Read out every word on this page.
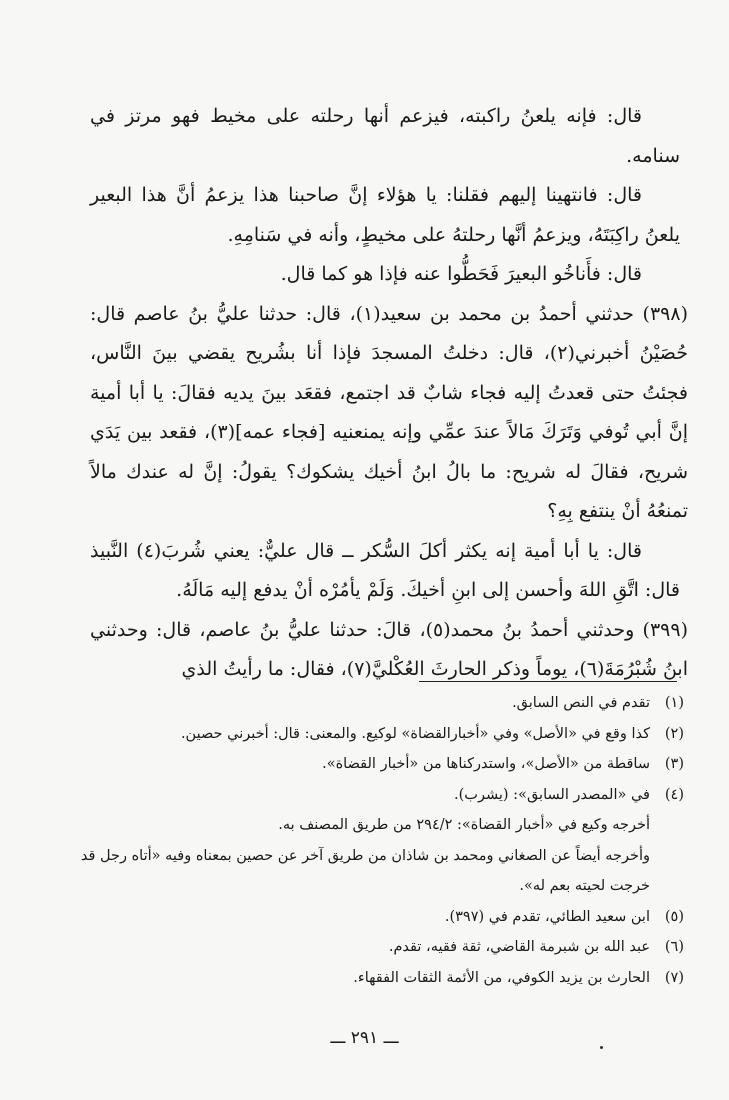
قال: فإنه يلعنُ راكبته، فيزعم أنها رحلته على مخيط فهو مرتز في سنامه.

قال: فانتهينا إليهم فقلنا: يا هؤلاء إنَّ صاحبنا هذا يزعمُ أنَّ هذا البعير يلعنُ راكِبَتَهُ، ويزعمُ أنَّها رحلتهُ على مخيطٍ، وأنه في سَنامِهِ.

قال: فأَناخُو البعيرَ فَحَطُّوا عنه فإذا هو كما قال.

(٣٩٨) حدثني أحمدُ بن محمد بن سعيد(١)، قال: حدثنا عليُّ بنُ عاصم قال: حُصَيْنُ أخبرني(٢)، قال: دخلتُ المسجدَ فإذا أنا بشُريح يقضي بينَ النَّاس، فجئتُ حتى قعدتُ إليه فجاء شابٌ قد اجتمع، فقعَد بينَ يديه فقالَ: يا أبا أمية إنَّ أبي تُوفي وَتَرَكَ مَالاً عندَ عمِّي وإنه يمنعنيه [فجاء عمه](٣)، فقعد بين يَدَي شريح، فقالَ له شريح: ما بالُ ابنُ أخيك يشكوك؟ يقولُ: إنَّ له عندك مالاً تمنعُهُ أنْ ينتفع بِهِ؟

قال: يا أبا أمية إنه يكثر أكلَ السُّكر ــ قال عليٌّ: يعني شُربَ(٤) النَّبيذ قال: اتَّقِ اللهَ وأحسن إلى ابنِ أخيكَ. وَلَمْ يأمُرْه أنْ يدفع إليه مَالَهُ.

(٣٩٩) وحدثني أحمدُ بنُ محمد(٥)، قالَ: حدثنا عليُّ بنُ عاصم، قال: وحدثني ابنُ شُبْرُمَةَ(٦)، يوماً وذكر الحارثَ العُكْليَّ(٧)، فقال: ما رأيتُ الذي

(١)
تقدم في النص السابق.
(٢)
كذا وقع في «الأصل» وفي «أخبارالقضاة» لوكيع. والمعنى: قال: أخبرني حصين.
(٣)
ساقطة من «الأصل»، واستدركناها من «أخبار القضاة».
(٤)
في «المصدر السابق»: (يشرب).
أخرجه وكيع في «أخبار القضاة»: ٢٩٤/٢ من طريق المصنف به.
وأخرجه أيضاً عن الصغاني ومحمد بن شاذان من طريق آخر عن حصين بمعناه وفيه «أتاه رجل قد خرجت لحيته بعم له».
(٥)
ابن سعيد الطائي، تقدم في (٣٩٧).
(٦)
عبد الله بن شبرمة القاضي، ثقة فقيه، تقدم.
(٧)
الحارث بن يزيد الكوفي، من الأئمة الثقات الفقهاء.
ـــ ٢٩١ ـــ
